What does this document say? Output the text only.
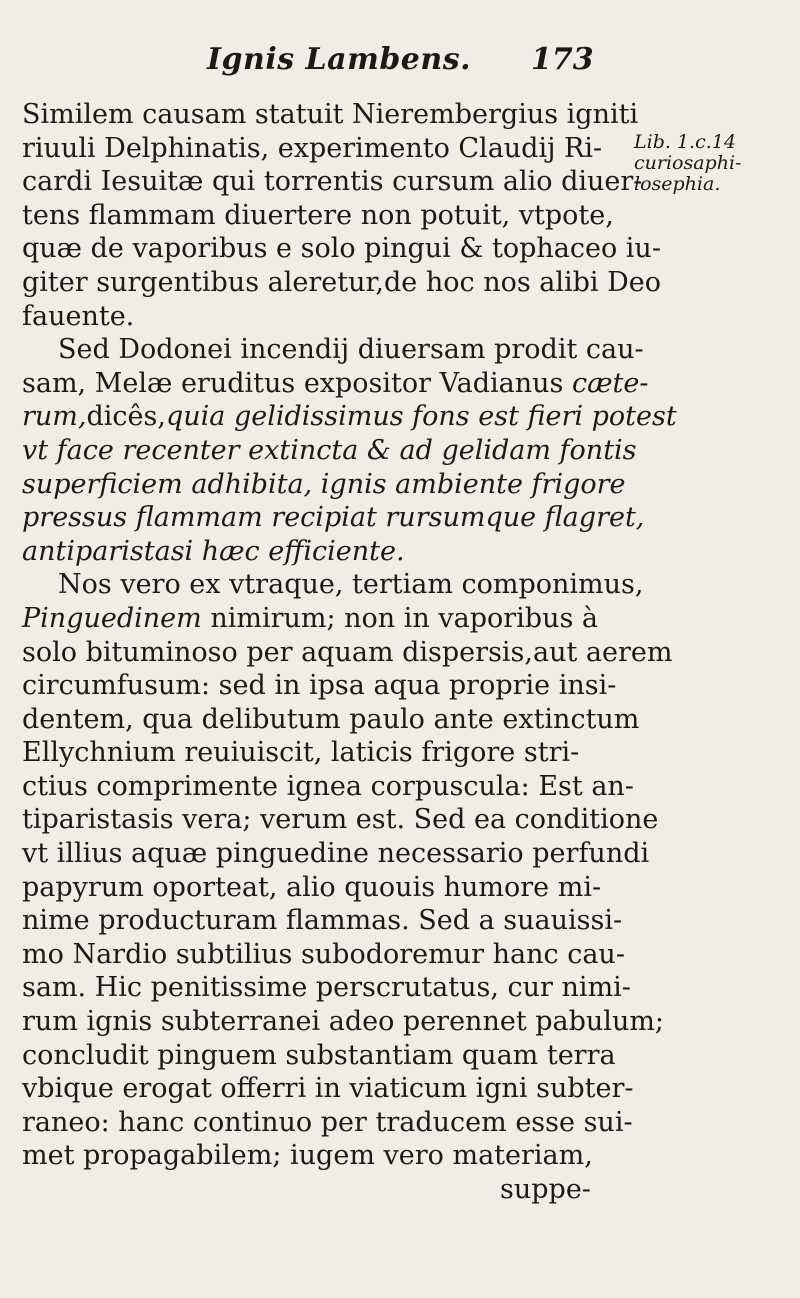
Ignis Lambens. 173
Lib. 1.c.14
curiosaphi-
losephia.
Similem causam statuit Nierembergius igniti
riuuli Delphinatis, experimento Claudij Ri-
cardi Iesuitæ qui torrentis cursum alio diuer-
tens flammam diuertere non potuit, vtpote,
quæ de vaporibus e solo pingui & tophaceo iu-
giter surgentibus aleretur,de hoc nos alibi Deo
fauente.
Sed Dodonei incendij diuersam prodit cau-
sam, Melæ eruditus expositor Vadianus cæte-
rum,dicês,quia gelidissimus fons est fieri potest
vt face recenter extincta & ad gelidam fontis
superficiem adhibita, ignis ambiente frigore
pressus flammam recipiat rursumque flagret,
antiparistasi hæc efficiente.
Nos vero ex vtraque, tertiam componimus,
Pinguedinem nimirum; non in vaporibus à
solo bituminoso per aquam dispersis,aut aerem
circumfusum: sed in ipsa aqua proprie insi-
dentem, qua delibutum paulo ante extinctum
Ellychnium reuiuiscit, laticis frigore stri-
ctius comprimente ignea corpuscula: Est an-
tiparistasis vera; verum est. Sed ea conditione
vt illius aquæ pinguedine necessario perfundi
papyrum oporteat, alio quouis humore mi-
nime producturam flammas. Sed a suauissi-
mo Nardio subtilius subodoremur hanc cau-
sam. Hic penitissime perscrutatus, cur nimi-
rum ignis subterranei adeo perennet pabulum;
concludit pinguem substantiam quam terra
vbique erogat offerri in viaticum igni subter-
raneo: hanc continuo per traducem esse sui-
met propagabilem; iugem vero materiam,
suppe-
